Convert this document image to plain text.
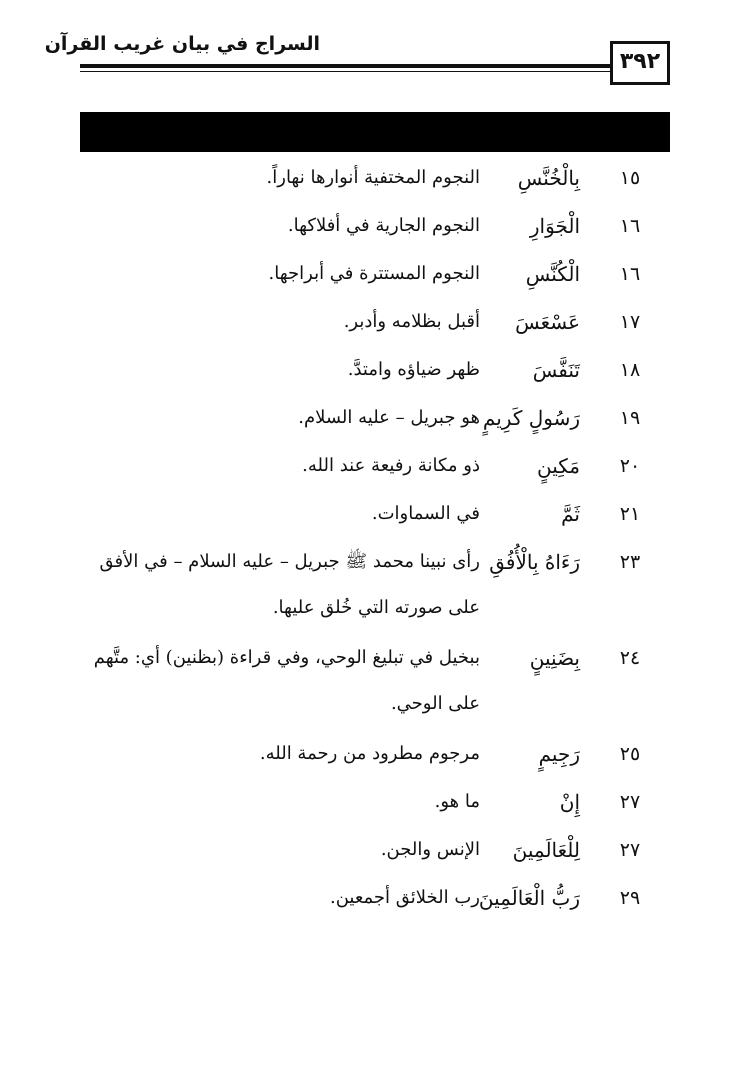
السراج في بيان غريب القرآن
٣٩٢
١٥
بِالْخُنَّسِ
النجوم المختفية أنوارها نهاراً.
١٦
الْجَوَارِ
النجوم الجارية في أفلاكها.
١٦
الْكُنَّسِ
النجوم المستترة في أبراجها.
١٧
عَسْعَسَ
أقبل بظلامه وأدبر.
١٨
تَنَفَّسَ
ظهر ضياؤه وامتدَّ.
١٩
رَسُولٍ كَرِيمٍ
هو جبريل – عليه السلام.
٢٠
مَكِينٍ
ذو مكانة رفيعة عند الله.
٢١
ثَمَّ
في السماوات.
٢٣
رَءَاهُ بِالْأُفُقِ
رأى نبينا محمد ﷺ جبريل – عليه السلام – في الأفق على صورته التي خُلق عليها.
٢٤
بِضَنِينٍ
ببخيل في تبليغ الوحي، وفي قراءة (بظنين) أي: متَّهم على الوحي.
٢٥
رَجِيمٍ
مرجوم مطرود من رحمة الله.
٢٧
إِنْ
ما هو.
٢٧
لِلْعَالَمِينَ
الإنس والجن.
٢٩
رَبُّ الْعَالَمِينَ
رب الخلائق أجمعين.
